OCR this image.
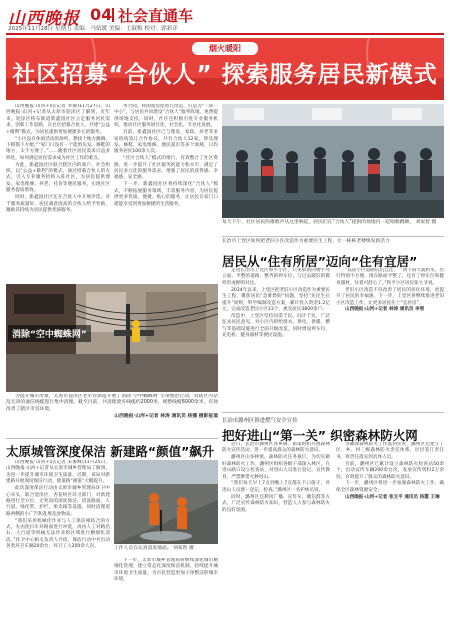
山西晚报 04 社会直通车
2025年11月28日 星期五 责编：马婧媛 美编：王淑梅 校对：郭彩萍
烟火暖阳
社区招募“合伙人” 探索服务居民新模式

山西晚报·山河+讯(记者 李静)11月27日，山西晚报·山河+记者从太原市迎泽区了解到，近年来，迎泽区桥东街道新鑫园社区立足服务居民需求，创新工作思路，在社区招募合伙人，共建“公益+微利”模式，为居民提供更加便捷多元的服务。

“小区没有休闲活动的场所，想找个地方跳舞、下棋都不方便。”“家门口没有一个能剪头发、修鞋的地方，太不方便了。”……随着社区居民需求日益多样化，如何满足居民需求成为社区工作的难点。

为此，新鑫园社区联合辖区内的商户、社会组织，以“公益+微利”的模式，通过招募合伙人的方式，引入专业服务机构入驻社区，为居民提供理发、家电维修、养老、托育等便民服务，实现社区服务提质增效。

同时，新鑫园社区还在合伙人中开展评选，对于服务质量好、居民满意度高的合伙人给予奖励，激励其持续为居民提供优质服务。

务空间，将闲置房屋进行改造，打造为“一站一中心”，与居民共同建设“合伙人”服务阵地，免费提供场地支持，同时，社区还积极引进专业服务机构，推动社区服务项目化、社会化、专业化发展。

目前，新鑫园社区已与理发、家政、养老等多家机构签订合作协议，共有合伙人12家，涉及理发、修鞋、家电维修、便民超市等多个领域，日均服务居民100余人次。

“社区合伙人”模式的推行，有效整合了社区资源，进一步提升了社区服务的能力和水平，满足了居民多元化的服务需求，增强了居民的获得感、幸福感、安全感。

下一步，新鑫园社区将持续深化“合伙人”模式，不断拓展服务领域，丰富服务内容，为居民提供更多优质、便捷、贴心的服务，让居民在家门口就能享受到更加便捷的生活服务。

每天下午，社区居民的歌唱声从这里响起，居民们在“合伙人”提供的场地内一起唱歌跳舞。 刘家智 摄
长治市上党区如何把老旧小区改造作为重要民生工程，让一栋栋老楼焕发新活力
居民从“住有所居”迈向“住有宜居”

走进长治市上党区和平小区，只见崭新的楼宇外立面、平整的道路、整齐的停车位，与过去破旧的模样形成鲜明对比。

2024年以来，上党区把老旧小区改造作为重要民生工程，聚焦居民“急难愁盼”问题，坚持“先民生后提升”原则，科学编制改造方案，累计投入资金1.2亿元，完成改造老旧小区23个，惠及居民3800余户。

改造中，上党区坚持问需于民、问计于民，广泛征求居民意见，对小区内的给排水、供电、供暖、燃气等基础设施进行全面升级改造，同时增设停车位、充电桩、健身器材等便民设施。

“以前小区道路坑坑洼洼，一到下雨天就积水，出行特别不方便。现在路面平整了，还有了停车位和健身器材，住着可舒心了。”和平小区居民张大爷说。

老旧小区改造不仅改善了居民的居住环境，更提升了居民的幸福感。下一步，上党区将继续推进老旧小区改造工作，让更多居民住上“宜居房”。

山西晚报·山河+记者 林涛 通讯员 李智

消除“空中蜘蛛网”

为提升城市形象，太原市迎泽区老军营街道开展了消除“空中蜘蛛网”专项整治行动，对辖区内杂乱无章的通信线缆进行集中清理。截至目前，共清理废弃线缆约2000米，规整线缆6000余米，有效改善了辖区市容环境。

山西晚报·山河+记者 林涛 通讯员 杨娜 摄影报道

太原城管深度保洁 新建路“颜值”飙升

山西晚报·山河+讯(记者 宋俊峰)11月25日，山西晚报·山河+记者从太原市城乡管理局了解到，为进一步提升城市环境卫生质量，近期，该局对新建路开展深度保洁行动，使道路“颜值”大幅提升。

此次深度保洁行动由太原市城乡管理局环卫中心牵头，联合迎泽区、杏花岭区环卫部门，对新建路进行全方位、无死角的深度保洁，清洗路面、人行道、绿化带、护栏、果皮箱等设施，同时清理道路两侧的小广告和乱堆乱放物品。

“我们采用机械化作业与人工保洁相结合的方式，先由洗扫车对路面进行冲洗，再由人工对路沿石、人行道等机械无法作业的区域进行精细化清洁。”环卫中心相关负责人介绍，保洁行动中共出动各类环卫车辆20余台、环卫工人200余人次。	工作人员在认真清洗地面。 刘家智 摄

下一步，太原市城乡管理局将继续深化城市精细化管理，建立常态化深度保洁机制，持续提升城市环境卫生质量，为市民营造更加干净整洁的城市环境。

长治市潞州区推进燃气安全宣传
把好进山“第一关” 织密森林防火网

近日，长治市潞州区各乡镇、街道组织开展森林防火宣传活动，进一步提高群众的森林防火意识。

潞州区山多林密，森林防火任务艰巨。为切实做好森林防火工作，潞州区组织各级干部深入林区，在进山路口设立检查站，对进山人员进行登记、宣传教育，严禁携带火种进山。

“我们每天早上7点到晚上7点都在卡口值守，对进山人员逐一登记、检查。”潞州区一名护林员说。

同时，潞州区还利用广播、宣传车、微信群等方式，广泛宣传森林防火知识，营造人人参与森林防火的良好氛围。

为确保森林防火工作落到实处，潞州区还建立了区、乡、村三级森林防火责任体系，层层签订责任书，将责任落实到具体人员。

目前，潞州区已累计设立森林防火检查站50余个，出动宣传车辆200余台次，发放宣传资料2万余份，有效提升了群众的森林防火意识。

下一步，潞州区将进一步加强森林防火工作，确保全区森林资源安全。

山西晚报·山河+记者 张文平 通讯员 杨霞 王琳
